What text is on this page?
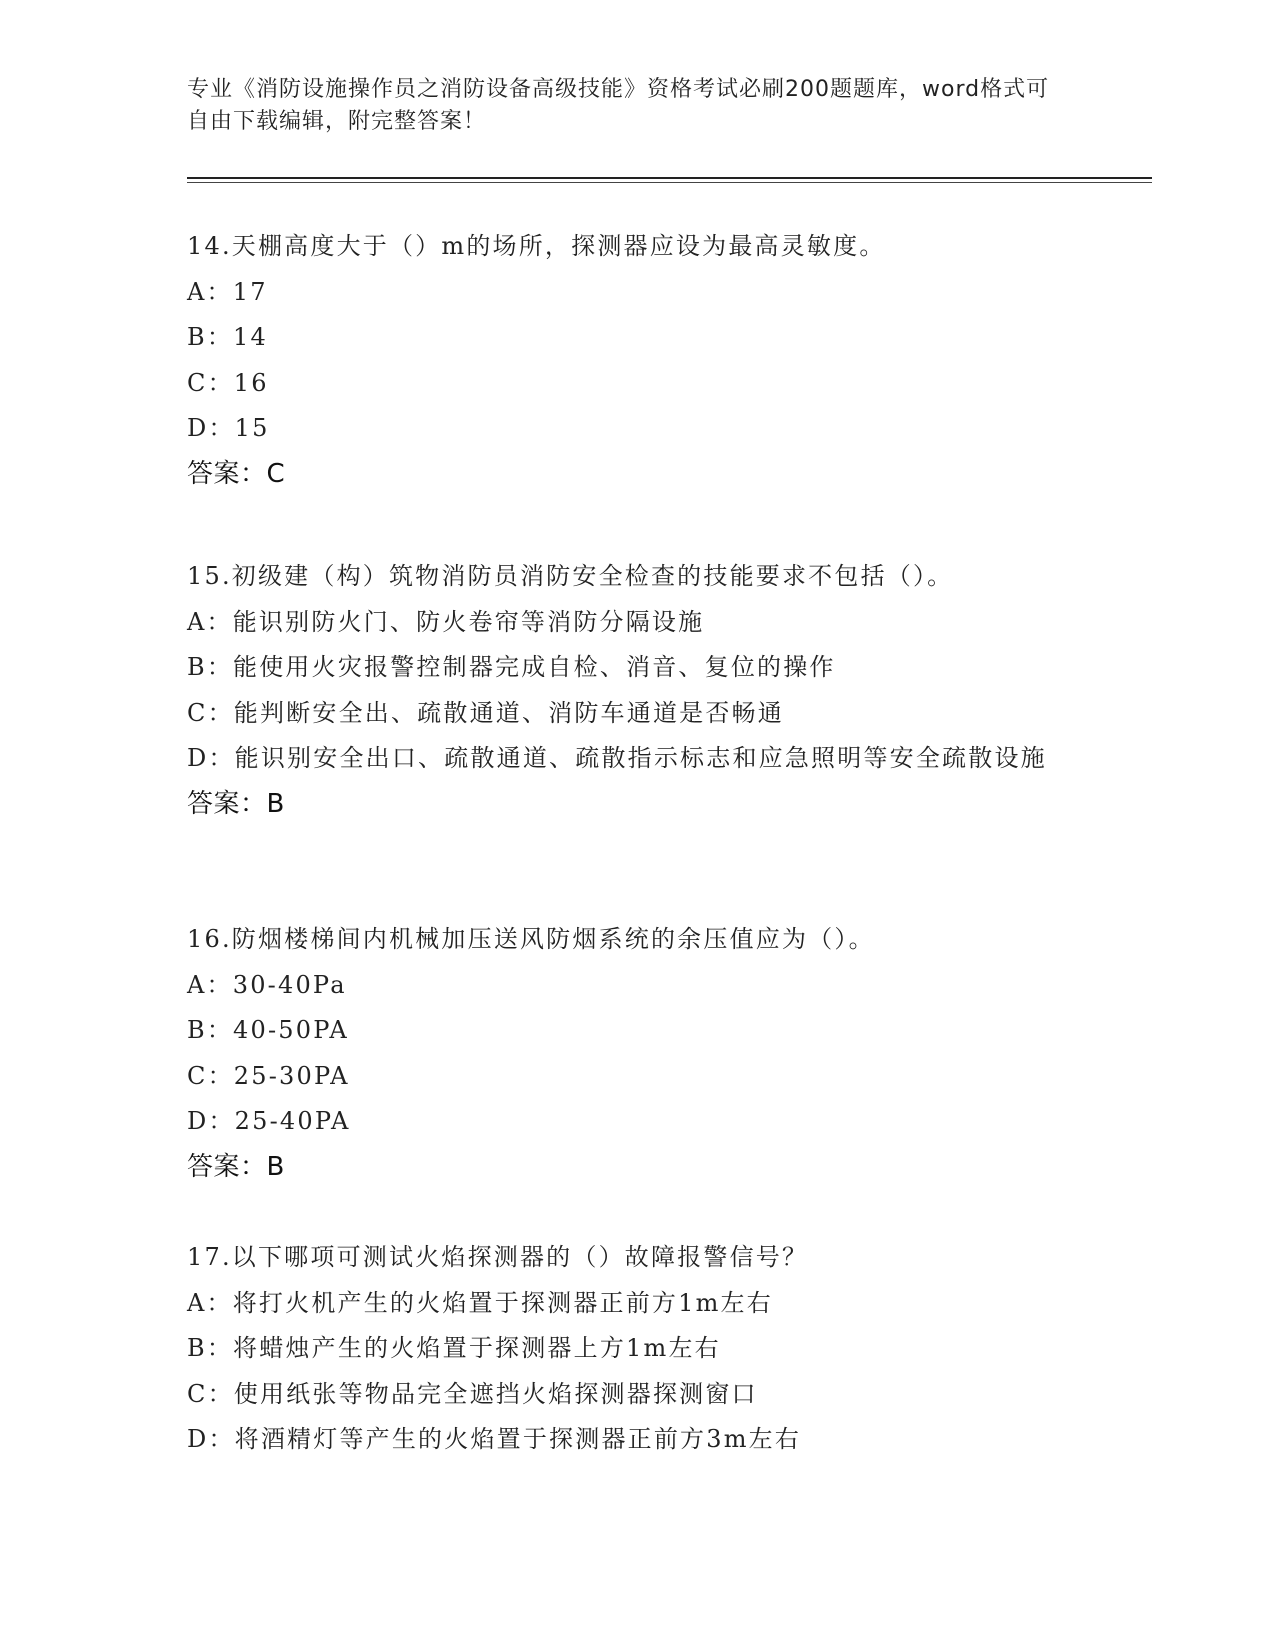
专业《消防设施操作员之消防设备高级技能》资格考试必刷200题题库，word格式可自由下载编辑，附完整答案！
14.天棚高度大于（）m的场所，探测器应设为最高灵敏度。
A：17
B：14
C：16
D：15
答案：C
15.初级建（构）筑物消防员消防安全检查的技能要求不包括（）。
A：能识别防火门、防火卷帘等消防分隔设施
B：能使用火灾报警控制器完成自检、消音、复位的操作
C：能判断安全出、疏散通道、消防车通道是否畅通
D：能识别安全出口、疏散通道、疏散指示标志和应急照明等安全疏散设施
答案：B
16.防烟楼梯间内机械加压送风防烟系统的余压值应为（）。
A：30-40Pa
B：40-50PA
C：25-30PA
D：25-40PA
答案：B
17.以下哪项可测试火焰探测器的（）故障报警信号？
A：将打火机产生的火焰置于探测器正前方1m左右
B：将蜡烛产生的火焰置于探测器上方1m左右
C：使用纸张等物品完全遮挡火焰探测器探测窗口
D：将酒精灯等产生的火焰置于探测器正前方3m左右
